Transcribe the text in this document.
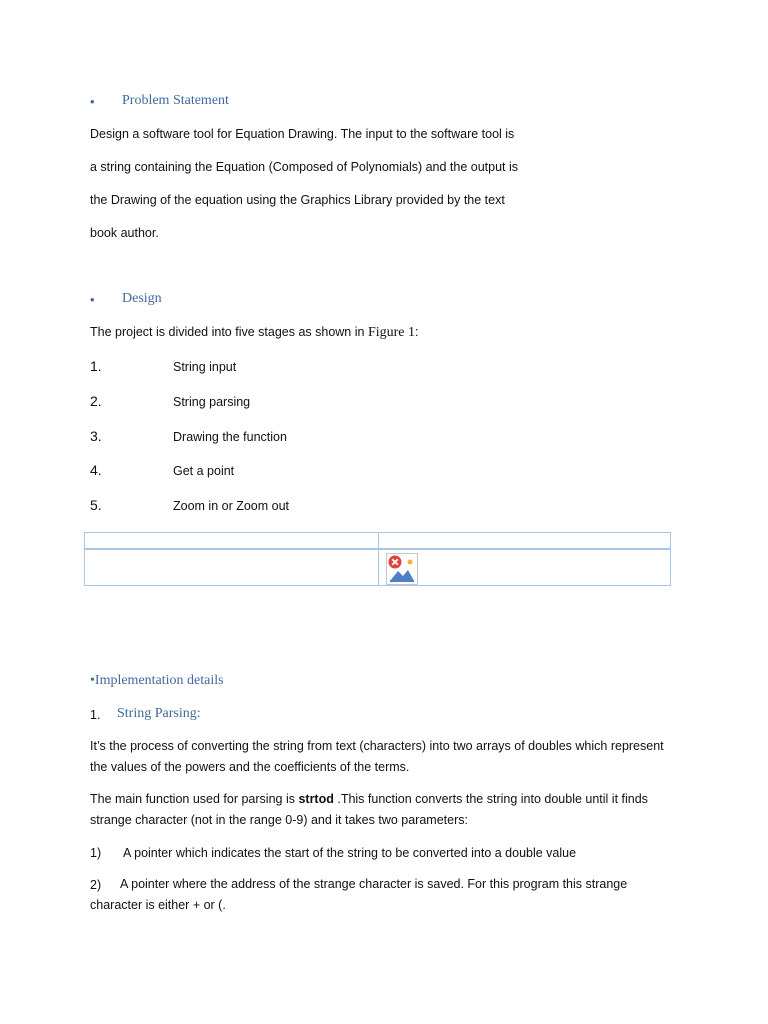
• Problem Statement
Design a software tool for Equation Drawing. The input to the software tool is
a string containing the Equation (Composed of Polynomials) and the output is
the Drawing of the equation using the Graphics Library provided by the text
book author.
• Design
The project is divided into five stages as shown in Figure 1:
1.	String input
2.	String parsing
3.	Drawing the function
4.	Get a point
5.	Zoom in or Zoom out
•Implementation details
1. String Parsing:
It’s the process of converting the string from text (characters) into two arrays of doubles which represent the values of the powers and the coefficients of the terms.
The main function used for parsing is strtod .This function converts the string into double until it finds strange character (not in the range 0-9) and it takes two parameters:
1) A pointer which indicates the start of the string to be converted into a double value
2)	A pointer where the address of the strange character is saved. For this program this strange character is either + or (.
